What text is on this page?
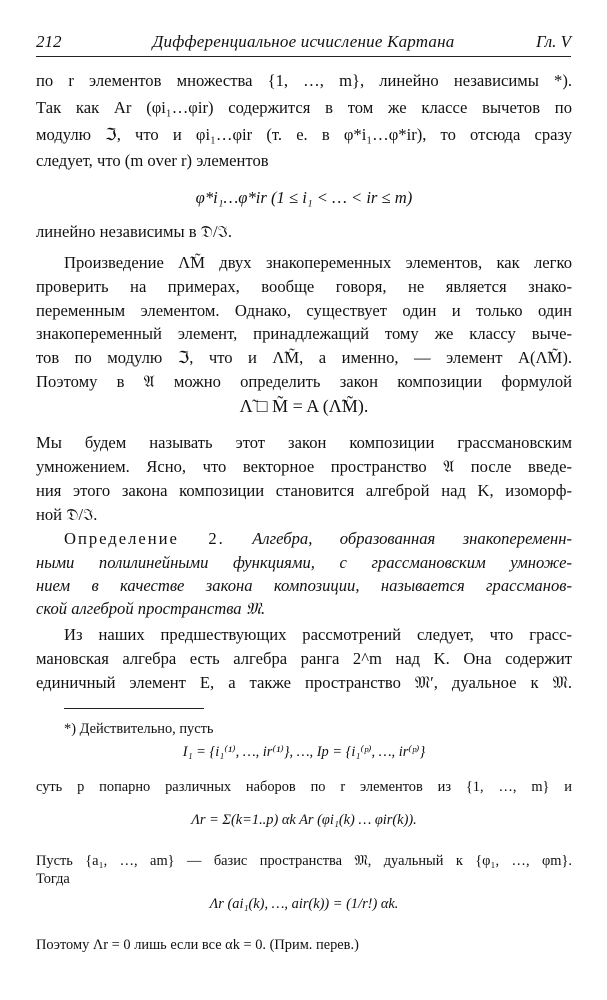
212	Дифференциальное исчисление Картана	Гл. V
по r элементов множества {1, …, m}, линейно независимы *).
Так как Ar (φi₁…φir) содержится в том же классе вычетов по
модулю ℑ, что и φi₁…φir (т. е. в φ*i₁…φ*ir), то отсюда сразу
следует, что (m over r) элементов
φ*i₁…φ*ir (1 ≤ i₁ < … < ir ≤ m)
линейно независимы в 𝔇/ℑ.
Произведение Λ̃M̃ двух знакопеременных элементов, как легко
проверить на примерах, вообще говоря, не является знако-
переменным элементом. Однако, существует один и только один
знакопеременный элемент, принадлежащий тому же классу выче-
тов по модулю ℑ, что и Λ̃M̃, а именно, — элемент A(Λ̃M̃).
Поэтому в 𝔄 можно определить закон композиции формулой
Λ̃ □ M̃ = A (Λ̃M̃).
Мы будем называть этот закон композиции грассмановским
умножением. Ясно, что векторное пространство 𝔄 после введе-
ния этого закона композиции становится алгеброй над K, изоморф-
ной 𝔇/ℑ.
Определение 2. Алгебра, образованная знакопеременн-
ными полилинейными функциями, с грассмановским умноже-
нием в качестве закона композиции, называется грассманов-
ской алгеброй пространства 𝔐.
Из наших предшествующих рассмотрений следует, что грасс-
мановская алгебра есть алгебра ранга 2^m над K. Она содержит
единичный элемент E, а также пространство 𝔐′, дуальное к 𝔐.
*) Действительно, пусть
I₁ = {i₁⁽¹⁾, …, ir⁽¹⁾}, …, Ip = {i₁⁽ᵖ⁾, …, ir⁽ᵖ⁾}
суть p попарно различных наборов по r элементов из {1, …, m} и
Λr = Σ(k=1..p) αk Ar (φi₁(k) … φir(k)).
Пусть {a₁, …, am} — базис пространства 𝔐, дуальный к {φ₁, …, φm}.
Тогда
Λr (ai₁(k), …, air(k)) = (1/r!) αk.
Поэтому Λr = 0 лишь если все αk = 0. (Прим. перев.)
